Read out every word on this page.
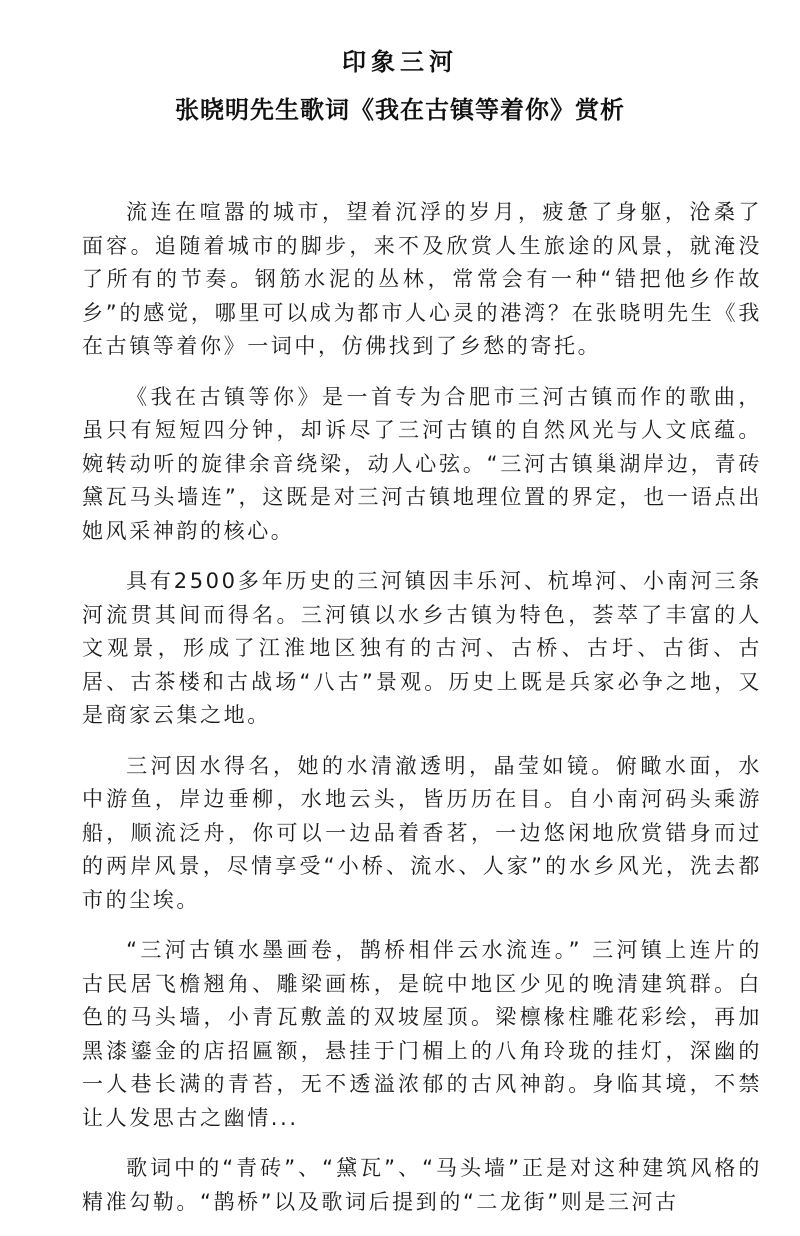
印象三河
张晓明先生歌词《我在古镇等着你》赏析

流连在喧嚣的城市，望着沉浮的岁月，疲惫了身躯，沧桑了面容。追随着城市的脚步，来不及欣赏人生旅途的风景，就淹没了所有的节奏。钢筋水泥的丛林，常常会有一种“错把他乡作故乡”的感觉，哪里可以成为都市人心灵的港湾？在张晓明先生《我在古镇等着你》一词中，仿佛找到了乡愁的寄托。

《我在古镇等你》是一首专为合肥市三河古镇而作的歌曲，虽只有短短四分钟，却诉尽了三河古镇的自然风光与人文底蕴。婉转动听的旋律余音绕梁，动人心弦。“三河古镇巢湖岸边，青砖黛瓦马头墙连”，这既是对三河古镇地理位置的界定，也一语点出她风采神韵的核心。

具有2500多年历史的三河镇因丰乐河、杭埠河、小南河三条河流贯其间而得名。三河镇以水乡古镇为特色，荟萃了丰富的人文观景，形成了江淮地区独有的古河、古桥、古圩、古街、古居、古茶楼和古战场“八古”景观。历史上既是兵家必争之地，又是商家云集之地。

三河因水得名，她的水清澈透明，晶莹如镜。俯瞰水面，水中游鱼，岸边垂柳，水地云头，皆历历在目。自小南河码头乘游船，顺流泛舟，你可以一边品着香茗，一边悠闲地欣赏错身而过的两岸风景，尽情享受“小桥、流水、人家”的水乡风光，洗去都市的尘埃。

“三河古镇水墨画卷，鹊桥相伴云水流连。” 三河镇上连片的古民居飞檐翘角、雕梁画栋，是皖中地区少见的晚清建筑群。白色的马头墙，小青瓦敷盖的双坡屋顶。梁檩椽柱雕花彩绘，再加黑漆鎏金的店招匾额，悬挂于门楣上的八角玲珑的挂灯，深幽的一人巷长满的青苔，无不透溢浓郁的古风神韵。身临其境，不禁让人发思古之幽情...

歌词中的“青砖”、“黛瓦”、“马头墙”正是对这种建筑风格的精准勾勒。“鹊桥”以及歌词后提到的“二龙街”则是三河古
